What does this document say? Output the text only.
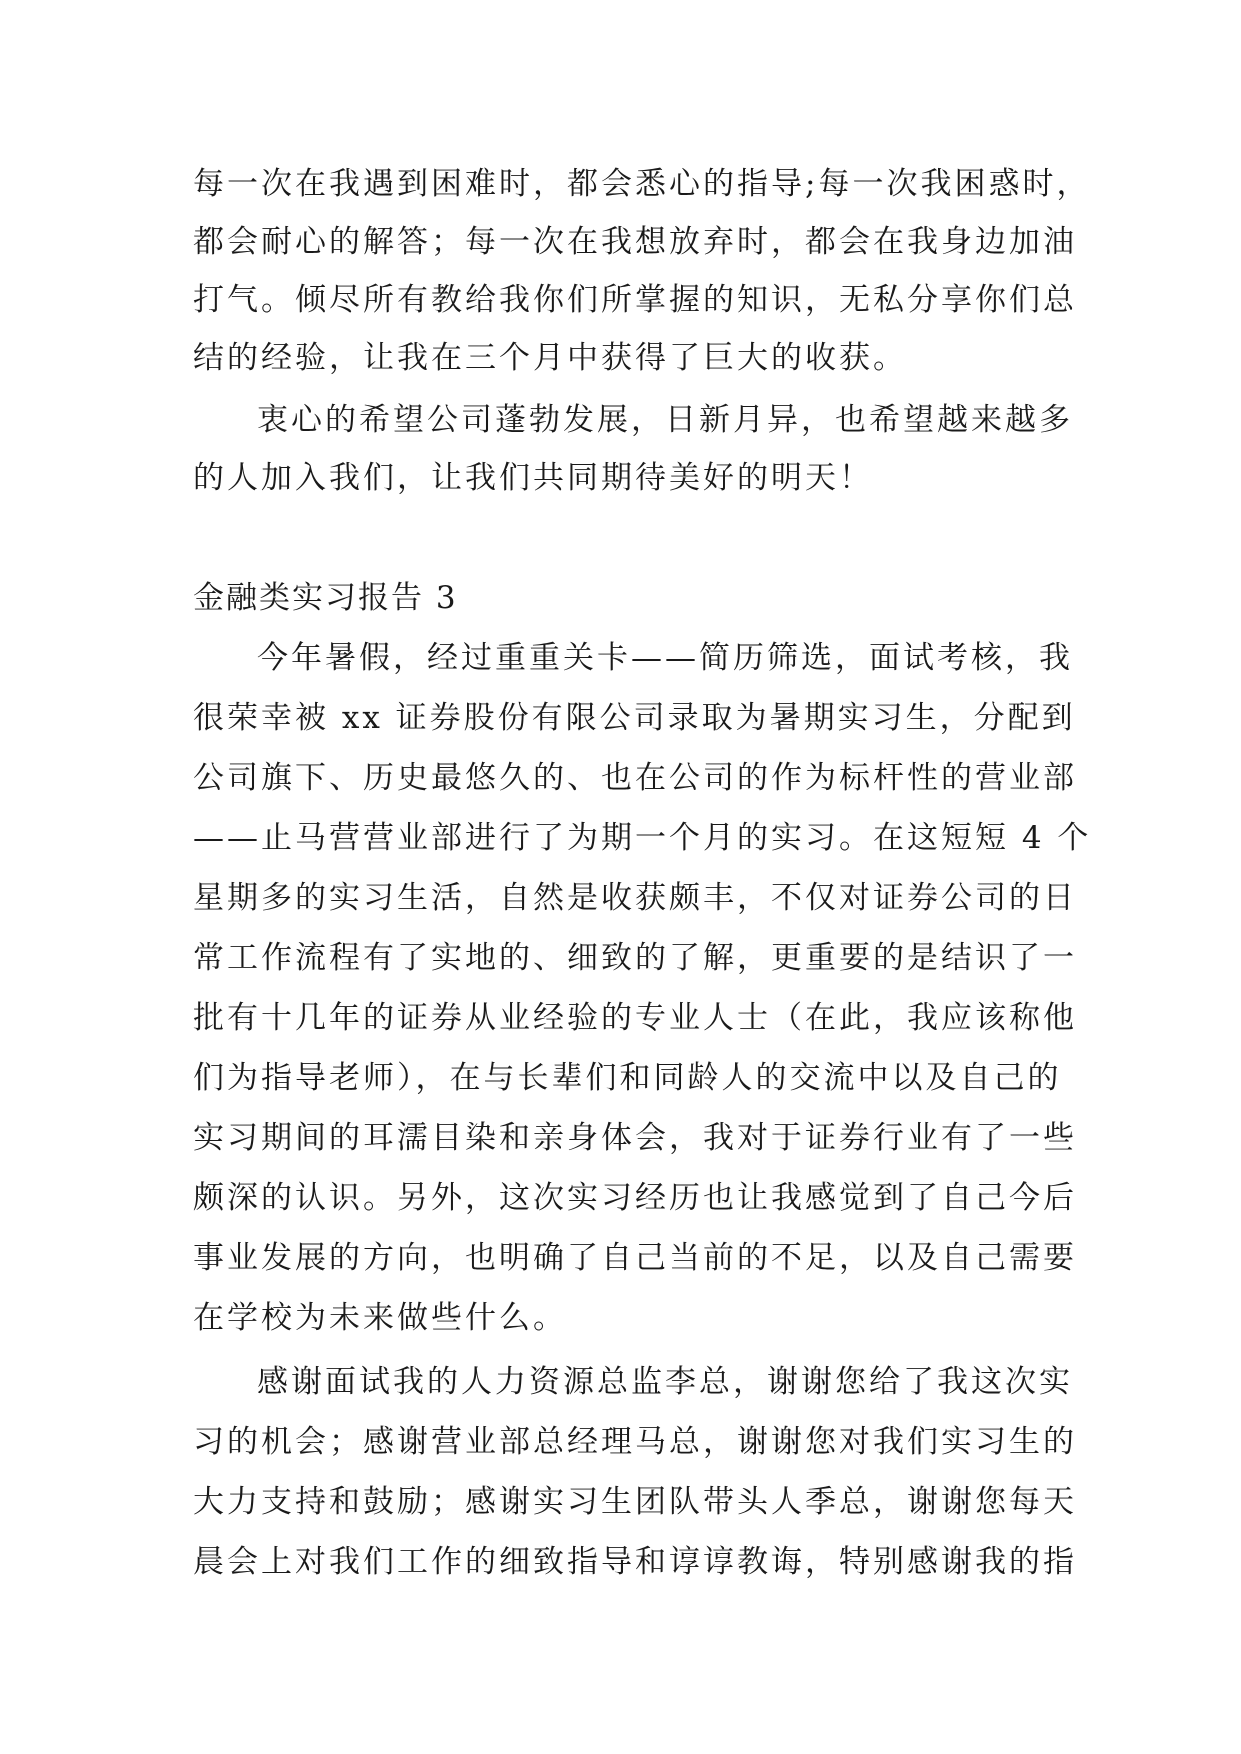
每一次在我遇到困难时，都会悉心的指导;每一次我困惑时，
都会耐心的解答；每一次在我想放弃时，都会在我身边加油
打气。倾尽所有教给我你们所掌握的知识，无私分享你们总
结的经验，让我在三个月中获得了巨大的收获。
衷心的希望公司蓬勃发展，日新月异，也希望越来越多
的人加入我们，让我们共同期待美好的明天！
金融类实习报告 3
今年暑假，经过重重关卡——简历筛选，面试考核，我
很荣幸被 xx 证券股份有限公司录取为暑期实习生，分配到
公司旗下、历史最悠久的、也在公司的作为标杆性的营业部
——止马营营业部进行了为期一个月的实习。在这短短 4 个
星期多的实习生活，自然是收获颇丰，不仅对证券公司的日
常工作流程有了实地的、细致的了解，更重要的是结识了一
批有十几年的证券从业经验的专业人士（在此，我应该称他
们为指导老师），在与长辈们和同龄人的交流中以及自己的
实习期间的耳濡目染和亲身体会，我对于证券行业有了一些
颇深的认识。另外，这次实习经历也让我感觉到了自己今后
事业发展的方向，也明确了自己当前的不足，以及自己需要
在学校为未来做些什么。
感谢面试我的人力资源总监李总，谢谢您给了我这次实
习的机会；感谢营业部总经理马总，谢谢您对我们实习生的
大力支持和鼓励；感谢实习生团队带头人季总，谢谢您每天
晨会上对我们工作的细致指导和谆谆教诲，特别感谢我的指
